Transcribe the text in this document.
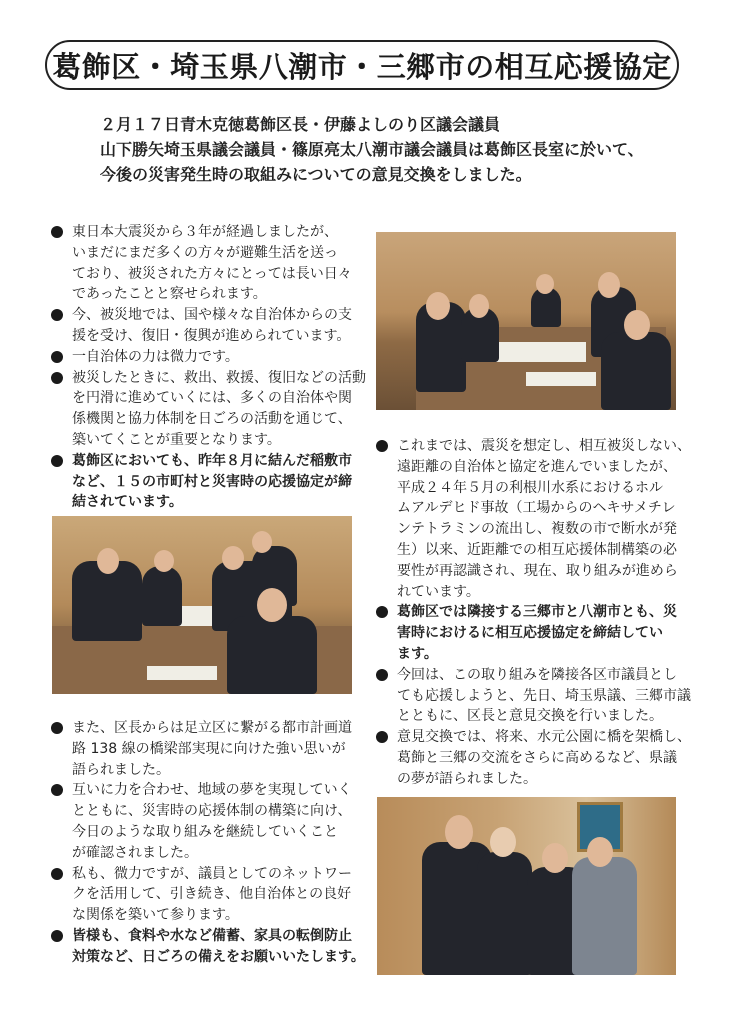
葛飾区・埼玉県八潮市・三郷市の相互応援協定
２月１７日青木克徳葛飾区長・伊藤よしのり区議会議員
山下勝矢埼玉県議会議員・篠原亮太八潮市議会議員は葛飾区長室に於いて、
今後の災害発生時の取組みについての意見交換をしました。
東日本大震災から３年が経過しましたが、
いまだにまだ多くの方々が避難生活を送っ
ており、被災された方々にとっては長い日々
であったことと察せられます。
今、被災地では、国や様々な自治体からの支
援を受け、復旧・復興が進められています。
一自治体の力は微力です。
被災したときに、救出、救援、復旧などの活動
を円滑に進めていくには、多くの自治体や関
係機関と協力体制を日ごろの活動を通じて、
築いてくことが重要となります。
葛飾区においても、昨年８月に結んだ稲敷市
など、１５の市町村と災害時の応援協定が締
結されています。
これまでは、震災を想定し、相互被災しない、
遠距離の自治体と協定を進んでいましたが、
平成２４年５月の利根川水系におけるホル
ムアルデヒド事故（工場からのヘキサメチレ
ンテトラミンの流出し、複数の市で断水が発
生）以来、近距離での相互応援体制構築の必
要性が再認識され、現在、取り組みが進めら
れています。
葛飾区では隣接する三郷市と八潮市とも、災
害時におけるに相互応援協定を締結してい
ます。
今回は、この取り組みを隣接各区市議員とし
ても応援しようと、先日、埼玉県議、三郷市議
とともに、区長と意見交換を行いました。
意見交換では、将来、水元公園に橋を架橋し、
葛飾と三郷の交流をさらに高めるなど、県議
の夢が語られました。
また、区長からは足立区に繋がる都市計画道
路 138 線の橋梁部実現に向けた強い思いが
語られました。
互いに力を合わせ、地域の夢を実現していく
とともに、災害時の応援体制の構築に向け、
今日のような取り組みを継続していくこと
が確認されました。
私も、微力ですが、議員としてのネットワー
クを活用して、引き続き、他自治体との良好
な関係を築いて参ります。
皆様も、食料や水など備蓄、家具の転倒防止
対策など、日ごろの備えをお願いいたします。
